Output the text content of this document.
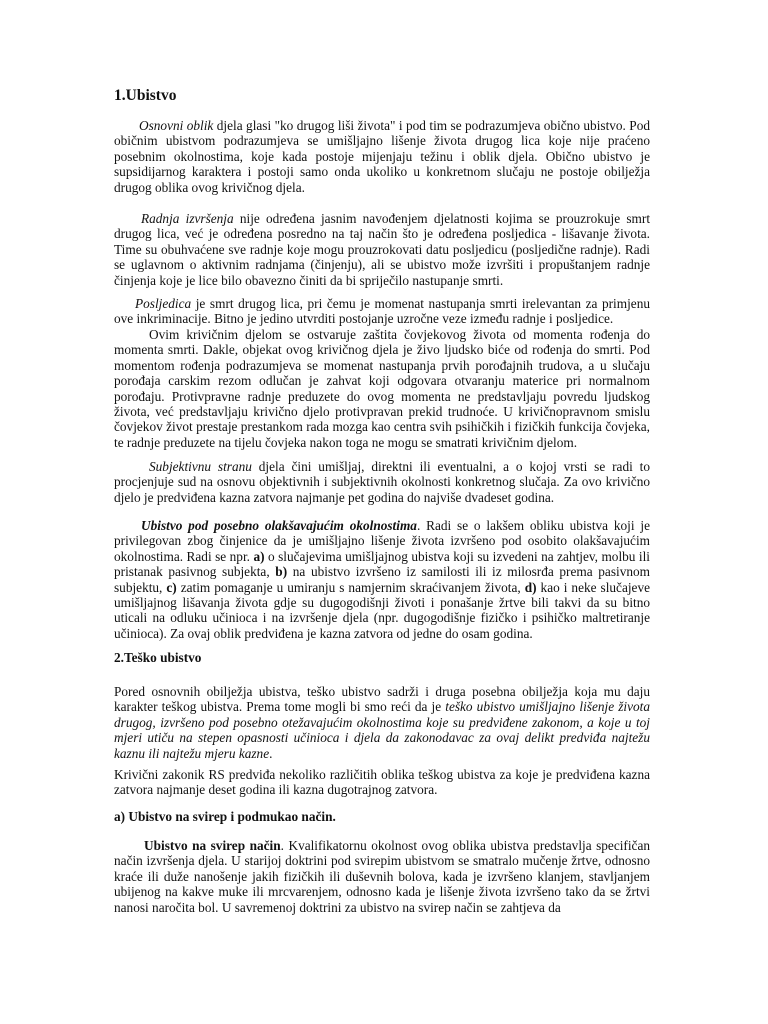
1.Ubistvo

Osnovni oblik djela glasi "ko drugog liši života" i pod tim se podrazumjeva obično ubistvo. Pod običnim ubistvom podrazumjeva se umišljajno lišenje života drugog lica koje nije praćeno posebnim okolnostima, koje kada postoje mijenjaju težinu i oblik djela. Obično ubistvo je supsidijarnog karaktera i postoji samo onda ukoliko u konkretnom slučaju ne postoje obilježja drugog oblika ovog krivičnog djela.

Radnja izvršenja nije određena jasnim navođenjem djelatnosti kojima se prouzrokuje smrt drugog lica, već je određena posredno na taj način što je određena posljedica - lišavanje života. Time su obuhvaćene sve radnje koje mogu prouzrokovati datu posljedicu (posljedične radnje). Radi se uglavnom o aktivnim radnjama (činjenju), ali se ubistvo može izvršiti i propuštanjem radnje činjenja koje je lice bilo obavezno činiti da bi spriječilo nastupanje smrti.

Posljedica je smrt drugog lica, pri čemu je momenat nastupanja smrti irelevantan za primjenu ove inkriminacije. Bitno je jedino utvrditi postojanje uzročne veze između radnje i posljedice.

Ovim krivičnim djelom se ostvaruje zaštita čovjekovog života od momenta rođenja do momenta smrti. Dakle, objekat ovog krivičnog djela je živo ljudsko biće od rođenja do smrti. Pod momentom rođenja podrazumjeva se momenat nastupanja prvih porođajnih trudova, a u slučaju porođaja carskim rezom odlučan je zahvat koji odgovara otvaranju materice pri normalnom porođaju. Protivpravne radnje preduzete do ovog momenta ne predstavljaju povredu ljudskog života, već predstavljaju krivično djelo protivpravan prekid trudnoće. U krivičnopravnom smislu čovjekov život prestaje prestankom rada mozga kao centra svih psihičkih i fizičkih funkcija čovjeka, te radnje preduzete na tijelu čovjeka nakon toga ne mogu se smatrati krivičnim djelom.

Subjektivnu stranu djela čini umišljaj, direktni ili eventualni, a o kojoj vrsti se radi to procjenjuje sud na osnovu objektivnih i subjektivnih okolnosti konkretnog slučaja. Za ovo krivično djelo je predviđena kazna zatvora najmanje pet godina do najviše dvadeset godina.

Ubistvo pod posebno olakšavajućim okolnostima. Radi se o lakšem obliku ubistva koji je privilegovan zbog činjenice da je umišljajno lišenje života izvršeno pod osobito olakšavajućim okolnostima. Radi se npr. a) o slučajevima umišljajnog ubistva koji su izvedeni na zahtjev, molbu ili pristanak pasivnog subjekta, b) na ubistvo izvršeno iz samilosti ili iz milosrđa prema pasivnom subjektu, c) zatim pomaganje u umiranju s namjernim skraćivanjem života, d) kao i neke slučajeve umišljajnog lišavanja života gdje su dugogodišnji životi i ponašanje žrtve bili takvi da su bitno uticali na odluku učinioca i na izvršenje djela (npr. dugogodišnje fizičko i psihičko maltretiranje učinioca). Za ovaj oblik predviđena je kazna zatvora od jedne do osam godina.

2.Teško ubistvo

Pored osnovnih obilježja ubistva, teško ubistvo sadrži i druga posebna obilježja koja mu daju karakter teškog ubistva. Prema tome mogli bi smo reći da je teško ubistvo umišljajno lišenje života drugog, izvršeno pod posebno otežavajućim okolnostima koje su predviđene zakonom, a koje u toj mjeri utiču na stepen opasnosti učinioca i djela da zakonodavac za ovaj delikt predviđa najtežu kaznu ili najtežu mjeru kazne.

Krivični zakonik RS predviđa nekoliko različitih oblika teškog ubistva za koje je predviđena kazna zatvora najmanje deset godina ili kazna dugotrajnog zatvora.

a) Ubistvo na svirep i podmukao način.

Ubistvo na svirep način. Kvalifikatornu okolnost ovog oblika ubistva predstavlja specifičan način izvršenja djela. U starijoj doktrini pod svirepim ubistvom se smatralo mučenje žrtve, odnosno kraće ili duže nanošenje jakih fizičkih ili duševnih bolova, kada je izvršeno klanjem, stavljanjem ubijenog na kakve muke ili mrcvarenjem, odnosno kada je lišenje života izvršeno tako da se žrtvi nanosi naročita bol. U savremenoj doktrini za ubistvo na svirep način se zahtjeva da
